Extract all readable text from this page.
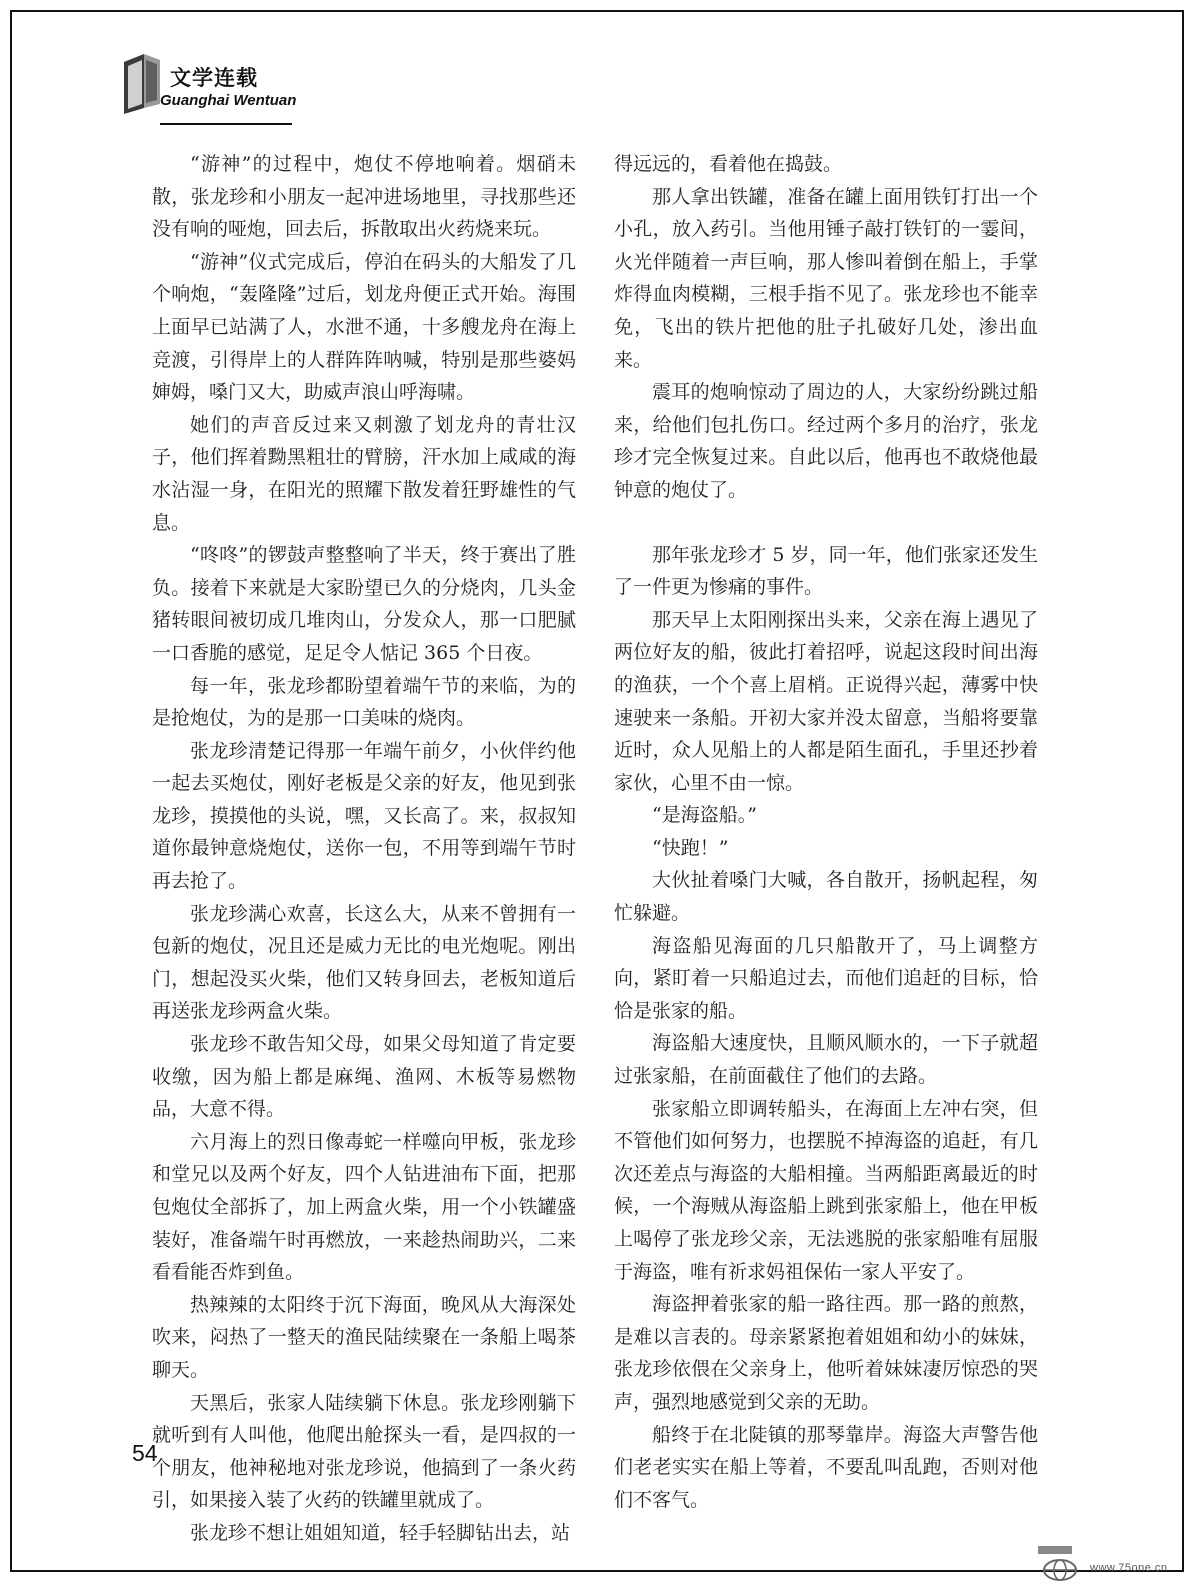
文学连载
Guanghai Wentuan

“游神”的过程中，炮仗不停地响着。烟硝未散，张龙珍和小朋友一起冲进场地里，寻找那些还没有响的哑炮，回去后，拆散取出火药烧来玩。

“游神”仪式完成后，停泊在码头的大船发了几个响炮，“轰隆隆”过后，划龙舟便正式开始。海围上面早已站满了人，水泄不通，十多艘龙舟在海上竞渡，引得岸上的人群阵阵呐喊，特别是那些婆妈婶姆，嗓门又大，助威声浪山呼海啸。

她们的声音反过来又刺激了划龙舟的青壮汉子，他们挥着黝黑粗壮的臂膀，汗水加上咸咸的海水沾湿一身，在阳光的照耀下散发着狂野雄性的气息。

“咚咚”的锣鼓声整整响了半天，终于赛出了胜负。接着下来就是大家盼望已久的分烧肉，几头金猪转眼间被切成几堆肉山，分发众人，那一口肥腻一口香脆的感觉，足足令人惦记 365 个日夜。

每一年，张龙珍都盼望着端午节的来临，为的是抢炮仗，为的是那一口美味的烧肉。

张龙珍清楚记得那一年端午前夕，小伙伴约他一起去买炮仗，刚好老板是父亲的好友，他见到张龙珍，摸摸他的头说，嘿，又长高了。来，叔叔知道你最钟意烧炮仗，送你一包，不用等到端午节时再去抢了。

张龙珍满心欢喜，长这么大，从来不曾拥有一包新的炮仗，况且还是威力无比的电光炮呢。刚出门，想起没买火柴，他们又转身回去，老板知道后再送张龙珍两盒火柴。

张龙珍不敢告知父母，如果父母知道了肯定要收缴，因为船上都是麻绳、渔网、木板等易燃物品，大意不得。

六月海上的烈日像毒蛇一样噬向甲板，张龙珍和堂兄以及两个好友，四个人钻进油布下面，把那包炮仗全部拆了，加上两盒火柴，用一个小铁罐盛装好，准备端午时再燃放，一来趁热闹助兴，二来看看能否炸到鱼。

热辣辣的太阳终于沉下海面，晚风从大海深处吹来，闷热了一整天的渔民陆续聚在一条船上喝茶聊天。

天黑后，张家人陆续躺下休息。张龙珍刚躺下就听到有人叫他，他爬出舱探头一看，是四叔的一个朋友，他神秘地对张龙珍说，他搞到了一条火药引，如果接入装了火药的铁罐里就成了。

张龙珍不想让姐姐知道，轻手轻脚钻出去，站

得远远的，看着他在捣鼓。

那人拿出铁罐，准备在罐上面用铁钉打出一个小孔，放入药引。当他用锤子敲打铁钉的一霎间，火光伴随着一声巨响，那人惨叫着倒在船上，手掌炸得血肉模糊，三根手指不见了。张龙珍也不能幸免，飞出的铁片把他的肚子扎破好几处，渗出血来。

震耳的炮响惊动了周边的人，大家纷纷跳过船来，给他们包扎伤口。经过两个多月的治疗，张龙珍才完全恢复过来。自此以后，他再也不敢烧他最钟意的炮仗了。

那年张龙珍才 5 岁，同一年，他们张家还发生了一件更为惨痛的事件。

那天早上太阳刚探出头来，父亲在海上遇见了两位好友的船，彼此打着招呼，说起这段时间出海的渔获，一个个喜上眉梢。正说得兴起，薄雾中快速驶来一条船。开初大家并没太留意，当船将要靠近时，众人见船上的人都是陌生面孔，手里还抄着家伙，心里不由一惊。

“是海盗船。”

“快跑！”

大伙扯着嗓门大喊，各自散开，扬帆起程，匆忙躲避。

海盗船见海面的几只船散开了，马上调整方向，紧盯着一只船追过去，而他们追赶的目标，恰恰是张家的船。

海盗船大速度快，且顺风顺水的，一下子就超过张家船，在前面截住了他们的去路。

张家船立即调转船头，在海面上左冲右突，但不管他们如何努力，也摆脱不掉海盗的追赶，有几次还差点与海盗的大船相撞。当两船距离最近的时候，一个海贼从海盗船上跳到张家船上，他在甲板上喝停了张龙珍父亲，无法逃脱的张家船唯有屈服于海盗，唯有祈求妈祖保佑一家人平安了。

海盗押着张家的船一路往西。那一路的煎熬，是难以言表的。母亲紧紧抱着姐姐和幼小的妹妹，张龙珍依偎在父亲身上，他听着妹妹凄厉惊恐的哭声，强烈地感觉到父亲的无助。

船终于在北陡镇的那琴靠岸。海盗大声警告他们老老实实在船上等着，不要乱叫乱跑，否则对他们不客气。

54
www.75one.cn
